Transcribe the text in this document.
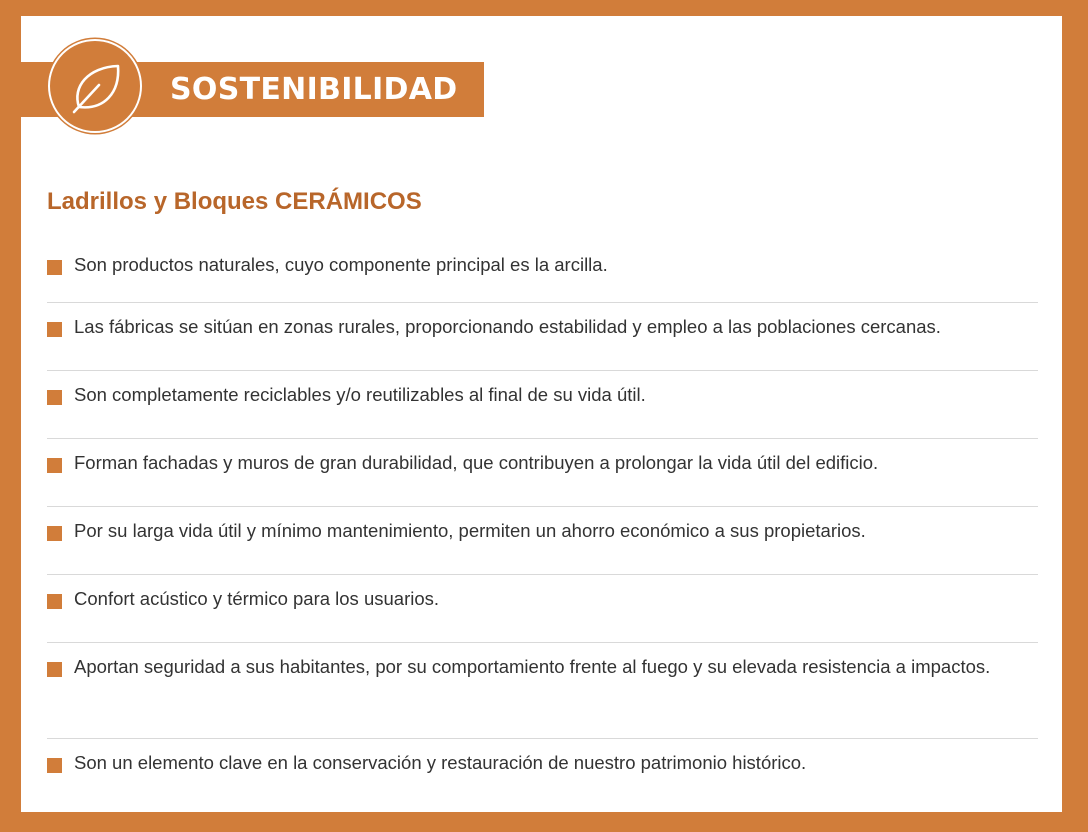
SOSTENIBILIDAD
Ladrillos y Bloques CERÁMICOS
Son productos naturales, cuyo componente principal es la arcilla.
Las fábricas se sitúan en zonas rurales, proporcionando estabilidad y empleo a las poblaciones cercanas.
Son completamente reciclables y/o reutilizables al final de su vida útil.
Forman fachadas y muros de gran durabilidad, que contribuyen a prolongar la vida útil del edificio.
Por su larga vida útil y mínimo mantenimiento, permiten un ahorro económico a sus propietarios.
Confort acústico y térmico para los usuarios.
Aportan seguridad a sus habitantes, por su comportamiento frente al fuego y su elevada resistencia a impactos.
Son un elemento clave en la conservación y restauración de nuestro patrimonio histórico.
